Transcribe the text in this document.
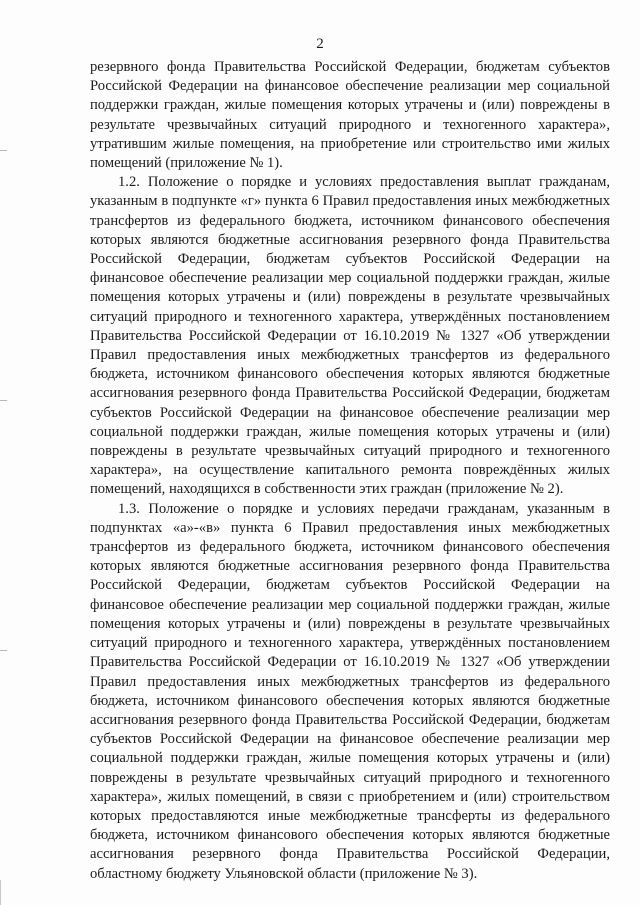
2

резервного фонда Правительства Российской Федерации, бюджетам субъектов Российской Федерации на финансовое обеспечение реализации мер социальной поддержки граждан, жилые помещения которых утрачены и (или) повреждены в результате чрезвычайных ситуаций природного и техногенного характера», утратившим жилые помещения, на приобретение или строительство ими жилых помещений (приложение № 1).

1.2. Положение о порядке и условиях предоставления выплат гражданам, указанным в подпункте «г» пункта 6 Правил предоставления иных межбюджетных трансфертов из федерального бюджета, источником финансового обеспечения которых являются бюджетные ассигнования резервного фонда Правительства Российской Федерации, бюджетам субъектов Российской Федерации на финансовое обеспечение реализации мер социальной поддержки граждан, жилые помещения которых утрачены и (или) повреждены в результате чрезвычайных ситуаций природного и техногенного характера, утверждённых постановлением Правительства Российской Федерации от 16.10.2019 № 1327 «Об утверждении Правил предоставления иных межбюджетных трансфертов из федерального бюджета, источником финансового обеспечения которых являются бюджетные ассигнования резервного фонда Правительства Российской Федерации, бюджетам субъектов Российской Федерации на финансовое обеспечение реализации мер социальной поддержки граждан, жилые помещения которых утрачены и (или) повреждены в результате чрезвычайных ситуаций природного и техногенного характера», на осуществление капитального ремонта повреждённых жилых помещений, находящихся в собственности этих граждан (приложение № 2).

1.3. Положение о порядке и условиях передачи гражданам, указанным в подпунктах «а»-«в» пункта 6 Правил предоставления иных межбюджетных трансфертов из федерального бюджета, источником финансового обеспечения которых являются бюджетные ассигнования резервного фонда Правительства Российской Федерации, бюджетам субъектов Российской Федерации на финансовое обеспечение реализации мер социальной поддержки граждан, жилые помещения которых утрачены и (или) повреждены в результате чрезвычайных ситуаций природного и техногенного характера, утверждённых постановлением Правительства Российской Федерации от 16.10.2019 № 1327 «Об утверждении Правил предоставления иных межбюджетных трансфертов из федерального бюджета, источником финансового обеспечения которых являются бюджетные ассигнования резервного фонда Правительства Российской Федерации, бюджетам субъектов Российской Федерации на финансовое обеспечение реализации мер социальной поддержки граждан, жилые помещения которых утрачены и (или) повреждены в результате чрезвычайных ситуаций природного и техногенного характера», жилых помещений, в связи с приобретением и (или) строительством которых предоставляются иные межбюджетные трансферты из федерального бюджета, источником финансового обеспечения которых являются бюджетные ассигнования резервного фонда Правительства Российской Федерации, областному бюджету Ульяновской области (приложение № 3).
